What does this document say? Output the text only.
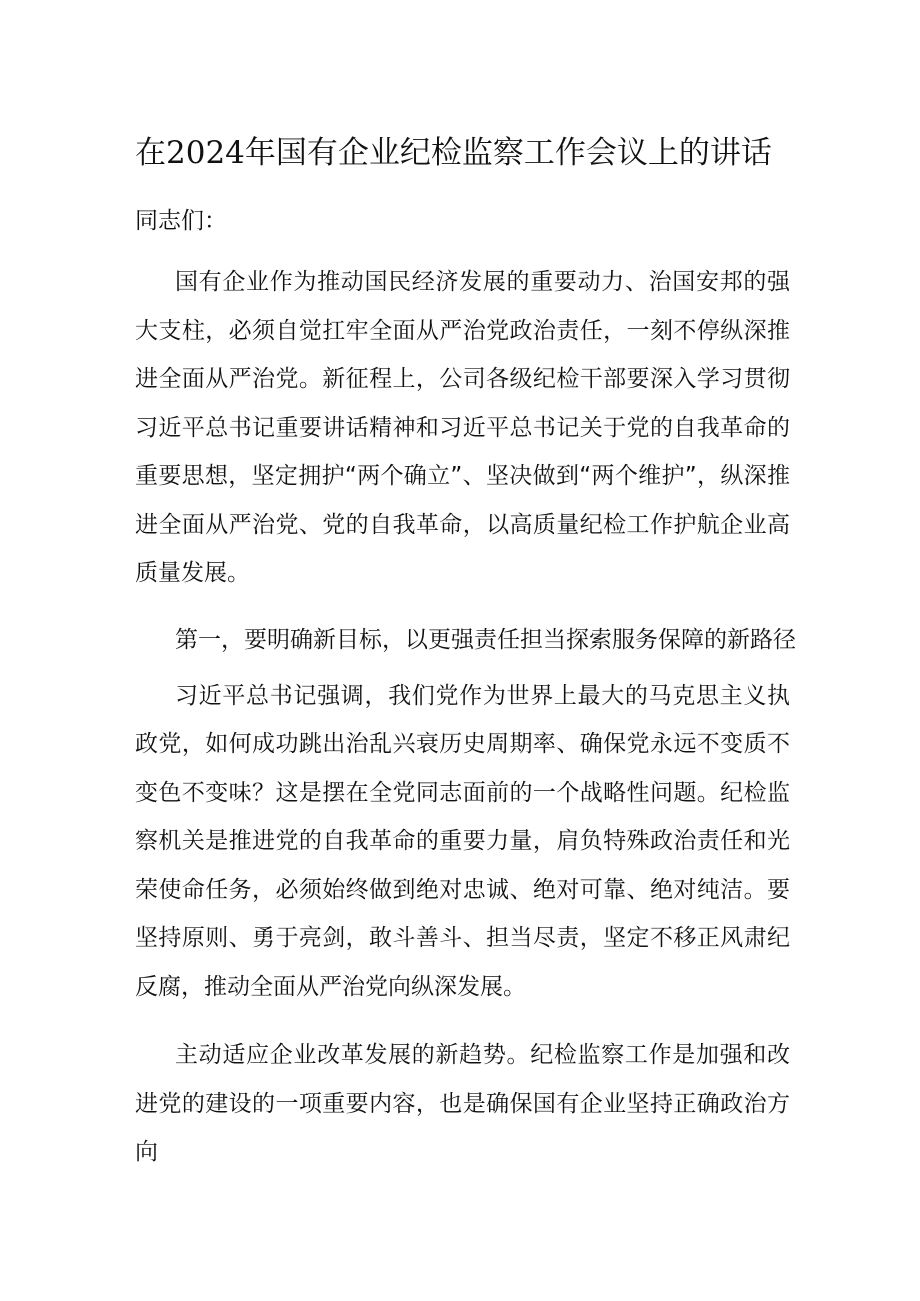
在2024年国有企业纪检监察工作会议上的讲话

同志们：

国有企业作为推动国民经济发展的重要动力、治国安邦的强大支柱，必须自觉扛牢全面从严治党政治责任，一刻不停纵深推进全面从严治党。新征程上，公司各级纪检干部要深入学习贯彻习近平总书记重要讲话精神和习近平总书记关于党的自我革命的重要思想，坚定拥护“两个确立”、坚决做到“两个维护”，纵深推进全面从严治党、党的自我革命，以高质量纪检工作护航企业高质量发展。

第一，要明确新目标，以更强责任担当探索服务保障的新路径

习近平总书记强调，我们党作为世界上最大的马克思主义执政党，如何成功跳出治乱兴衰历史周期率、确保党永远不变质不变色不变味？这是摆在全党同志面前的一个战略性问题。纪检监察机关是推进党的自我革命的重要力量，肩负特殊政治责任和光荣使命任务，必须始终做到绝对忠诚、绝对可靠、绝对纯洁。要坚持原则、勇于亮剑，敢斗善斗、担当尽责，坚定不移正风肃纪反腐，推动全面从严治党向纵深发展。

主动适应企业改革发展的新趋势。纪检监察工作是加强和改进党的建设的一项重要内容，也是确保国有企业坚持正确政治方向
